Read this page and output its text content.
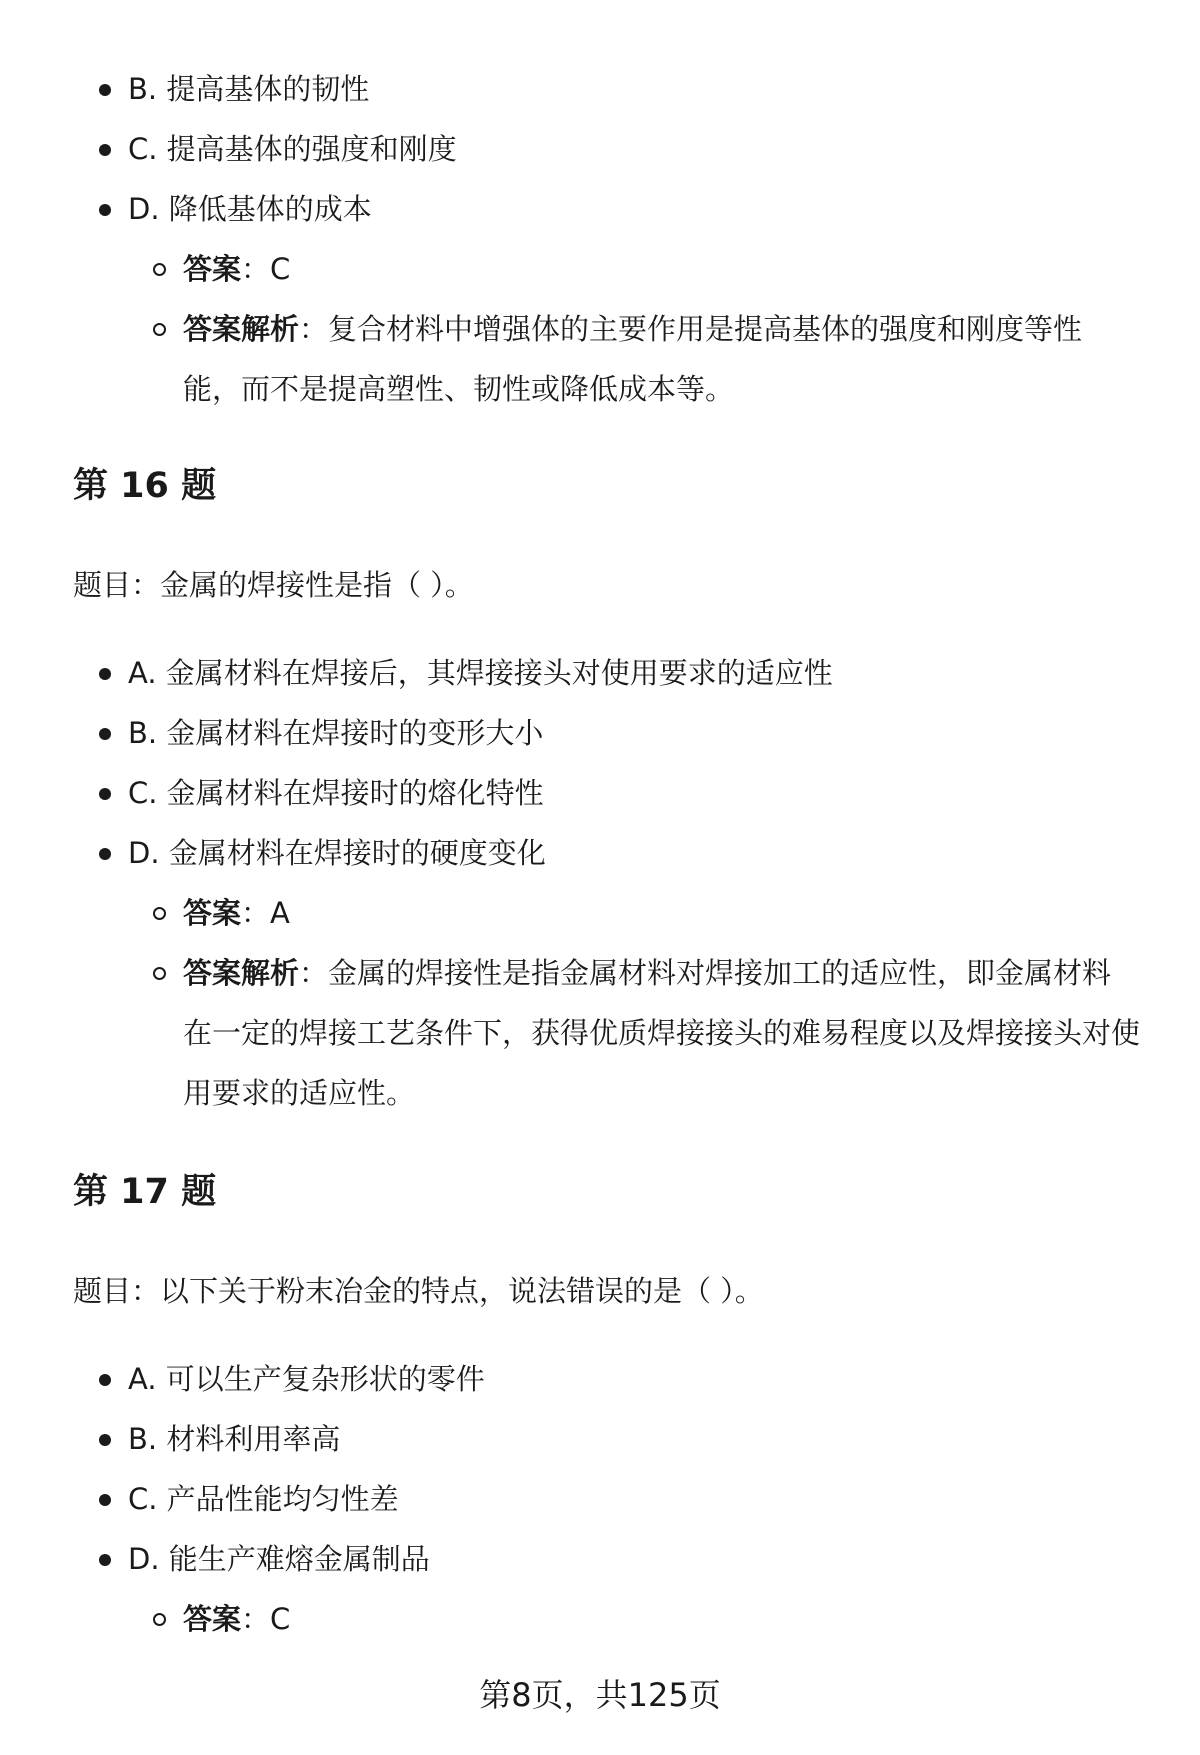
B. 提高基体的韧性
C. 提高基体的强度和刚度
D. 降低基体的成本
答案：C
答案解析：复合材料中增强体的主要作用是提高基体的强度和刚度等性能，而不是提高塑性、韧性或降低成本等。
第 16 题

题目：金属的焊接性是指（ ）。

A. 金属材料在焊接后，其焊接接头对使用要求的适应性
B. 金属材料在焊接时的变形大小
C. 金属材料在焊接时的熔化特性
D. 金属材料在焊接时的硬度变化
答案：A
答案解析：金属的焊接性是指金属材料对焊接加工的适应性，即金属材料在一定的焊接工艺条件下，获得优质焊接接头的难易程度以及焊接接头对使用要求的适应性。
第 17 题

题目：以下关于粉末冶金的特点，说法错误的是（ ）。

A. 可以生产复杂形状的零件
B. 材料利用率高
C. 产品性能均匀性差
D. 能生产难熔金属制品
答案：C
第8页，共125页
